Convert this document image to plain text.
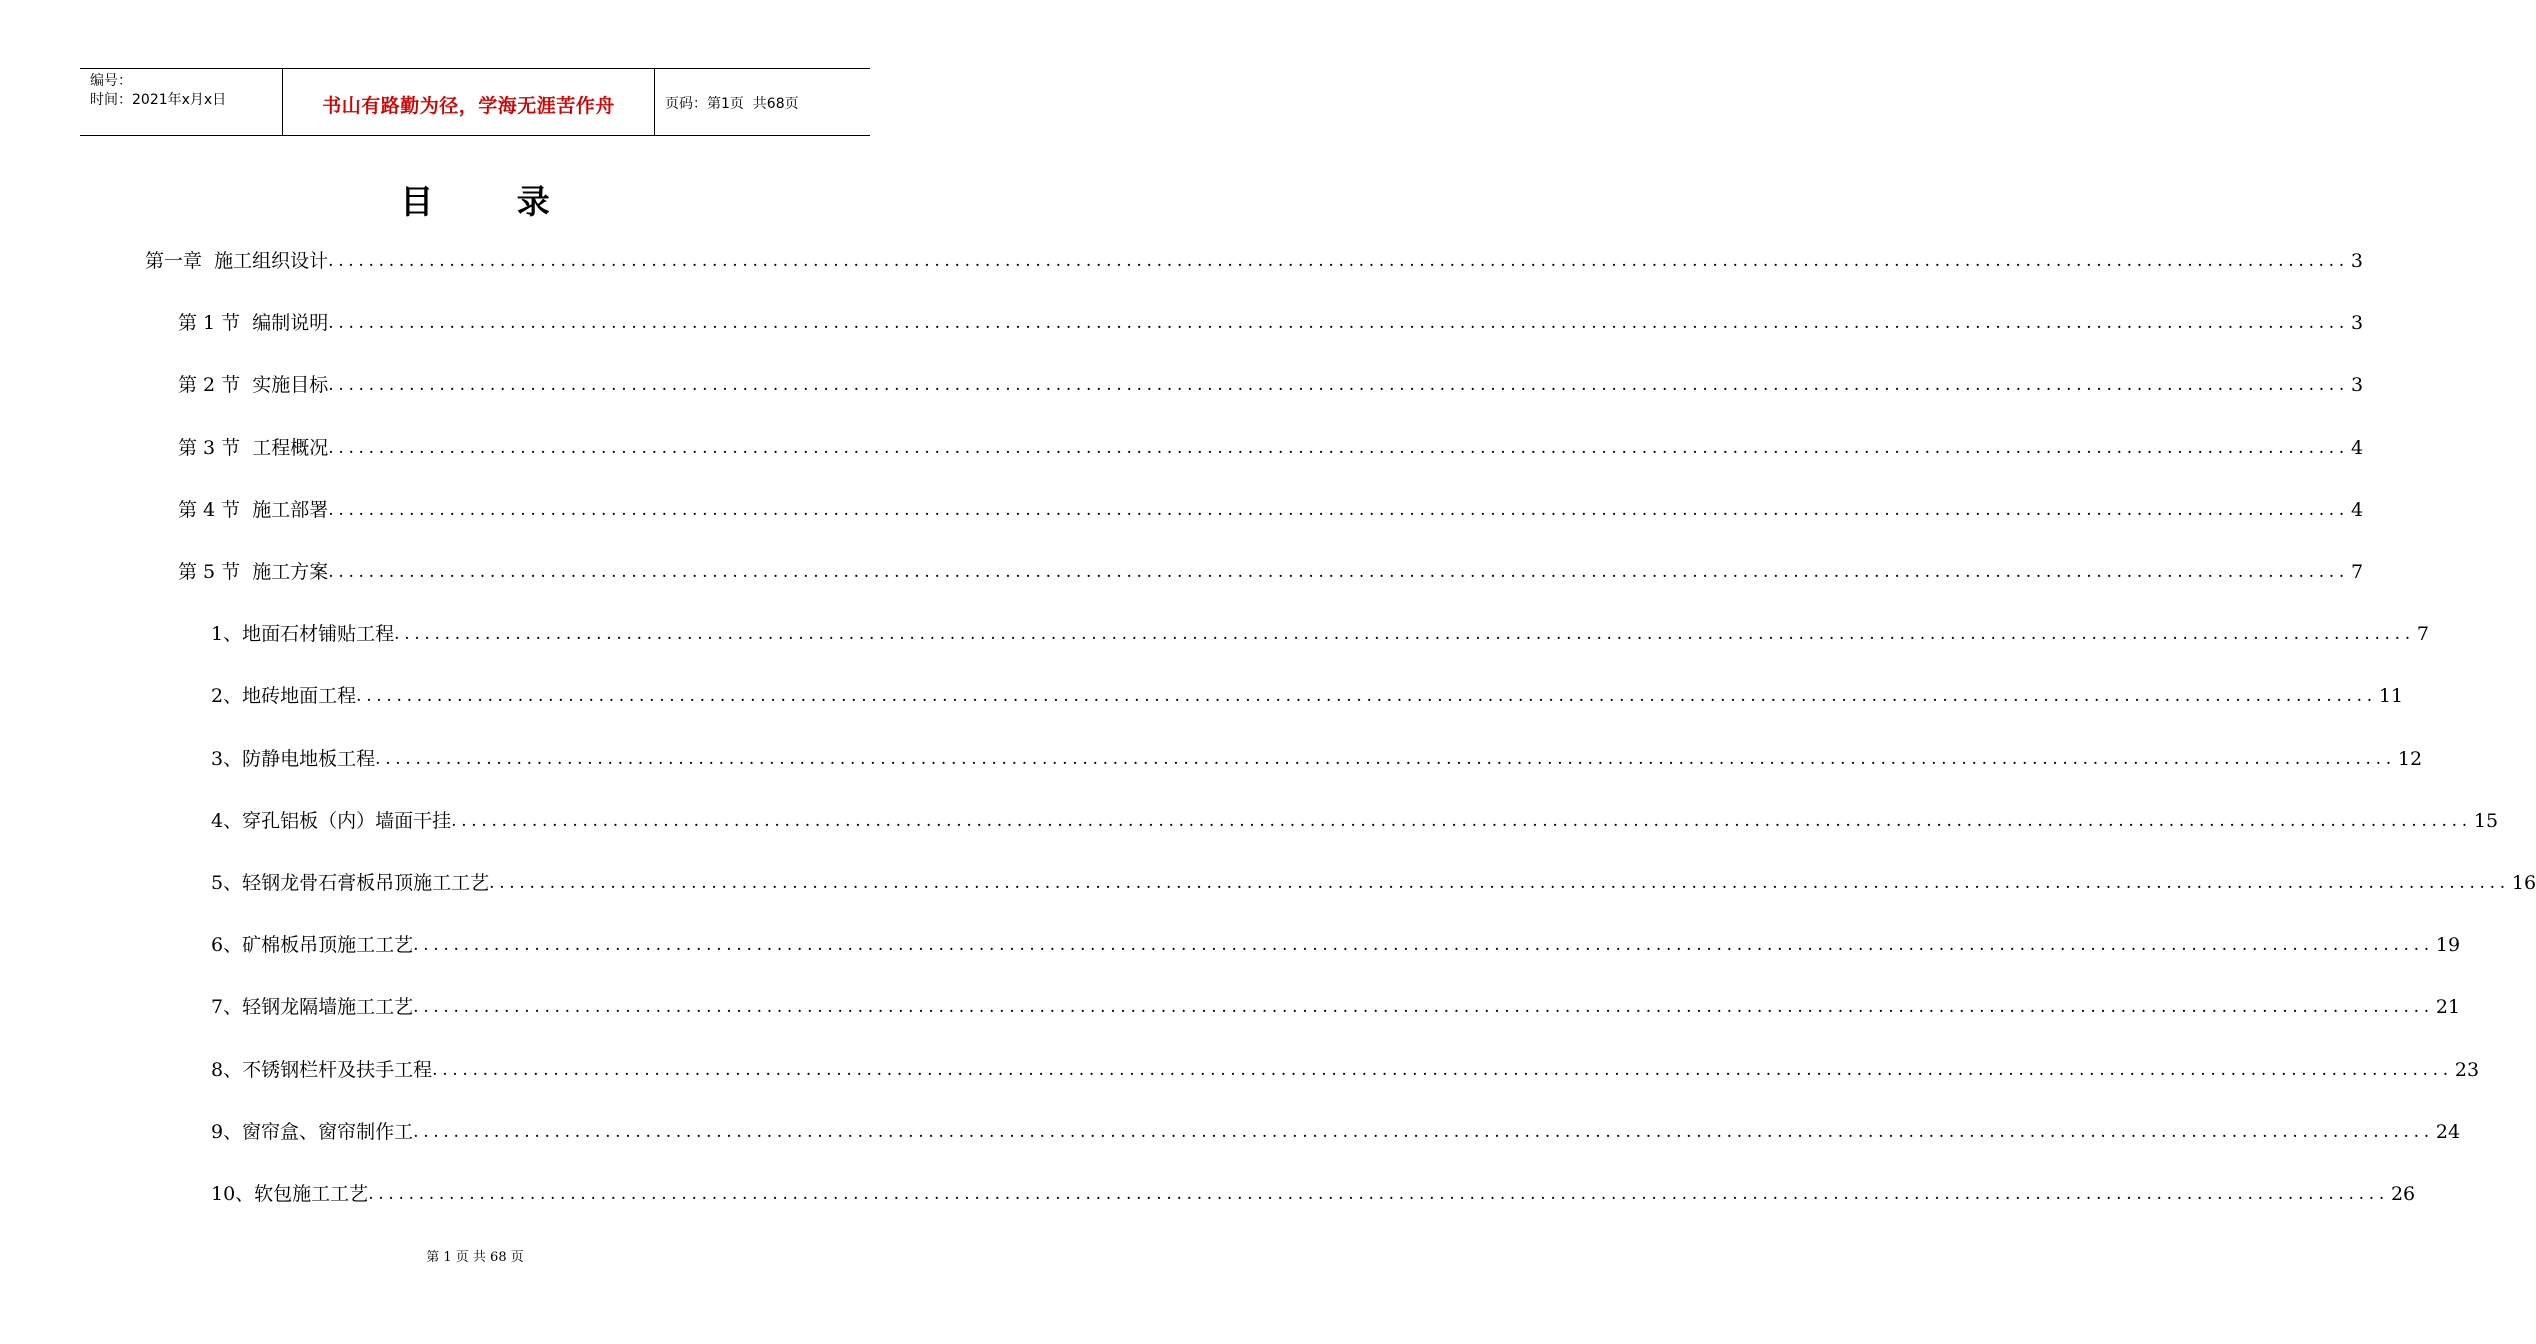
编号：
时间：2021年x月x日	书山有路勤为径，学海无涯苦作舟	页码：第1页  共68页
目 录
第一章  施工组织设计 ........................................................................................................................................................................................................ 3
第 1 节  编制说明 ........................................................................................................................................................................................................ 3
第 2 节  实施目标 ........................................................................................................................................................................................................ 3
第 3 节  工程概况 ........................................................................................................................................................................................................ 4
第 4 节  施工部署 ........................................................................................................................................................................................................ 4
第 5 节  施工方案 ........................................................................................................................................................................................................ 7
1、地面石材铺贴工程 ........................................................................................................................................................................................................ 7
2、地砖地面工程 ........................................................................................................................................................................................................ 11
3、防静电地板工程 ........................................................................................................................................................................................................ 12
4、穿孔铝板（内）墙面干挂 ........................................................................................................................................................................................................ 15
5、轻钢龙骨石膏板吊顶施工工艺 ........................................................................................................................................................................................................ 16
6、矿棉板吊顶施工工艺 ........................................................................................................................................................................................................ 19
7、轻钢龙隔墙施工工艺 ........................................................................................................................................................................................................ 21
8、不锈钢栏杆及扶手工程 ........................................................................................................................................................................................................ 23
9、窗帘盒、窗帘制作工 ........................................................................................................................................................................................................ 24
10、软包施工工艺 ........................................................................................................................................................................................................ 26
第 1 页 共 68 页
